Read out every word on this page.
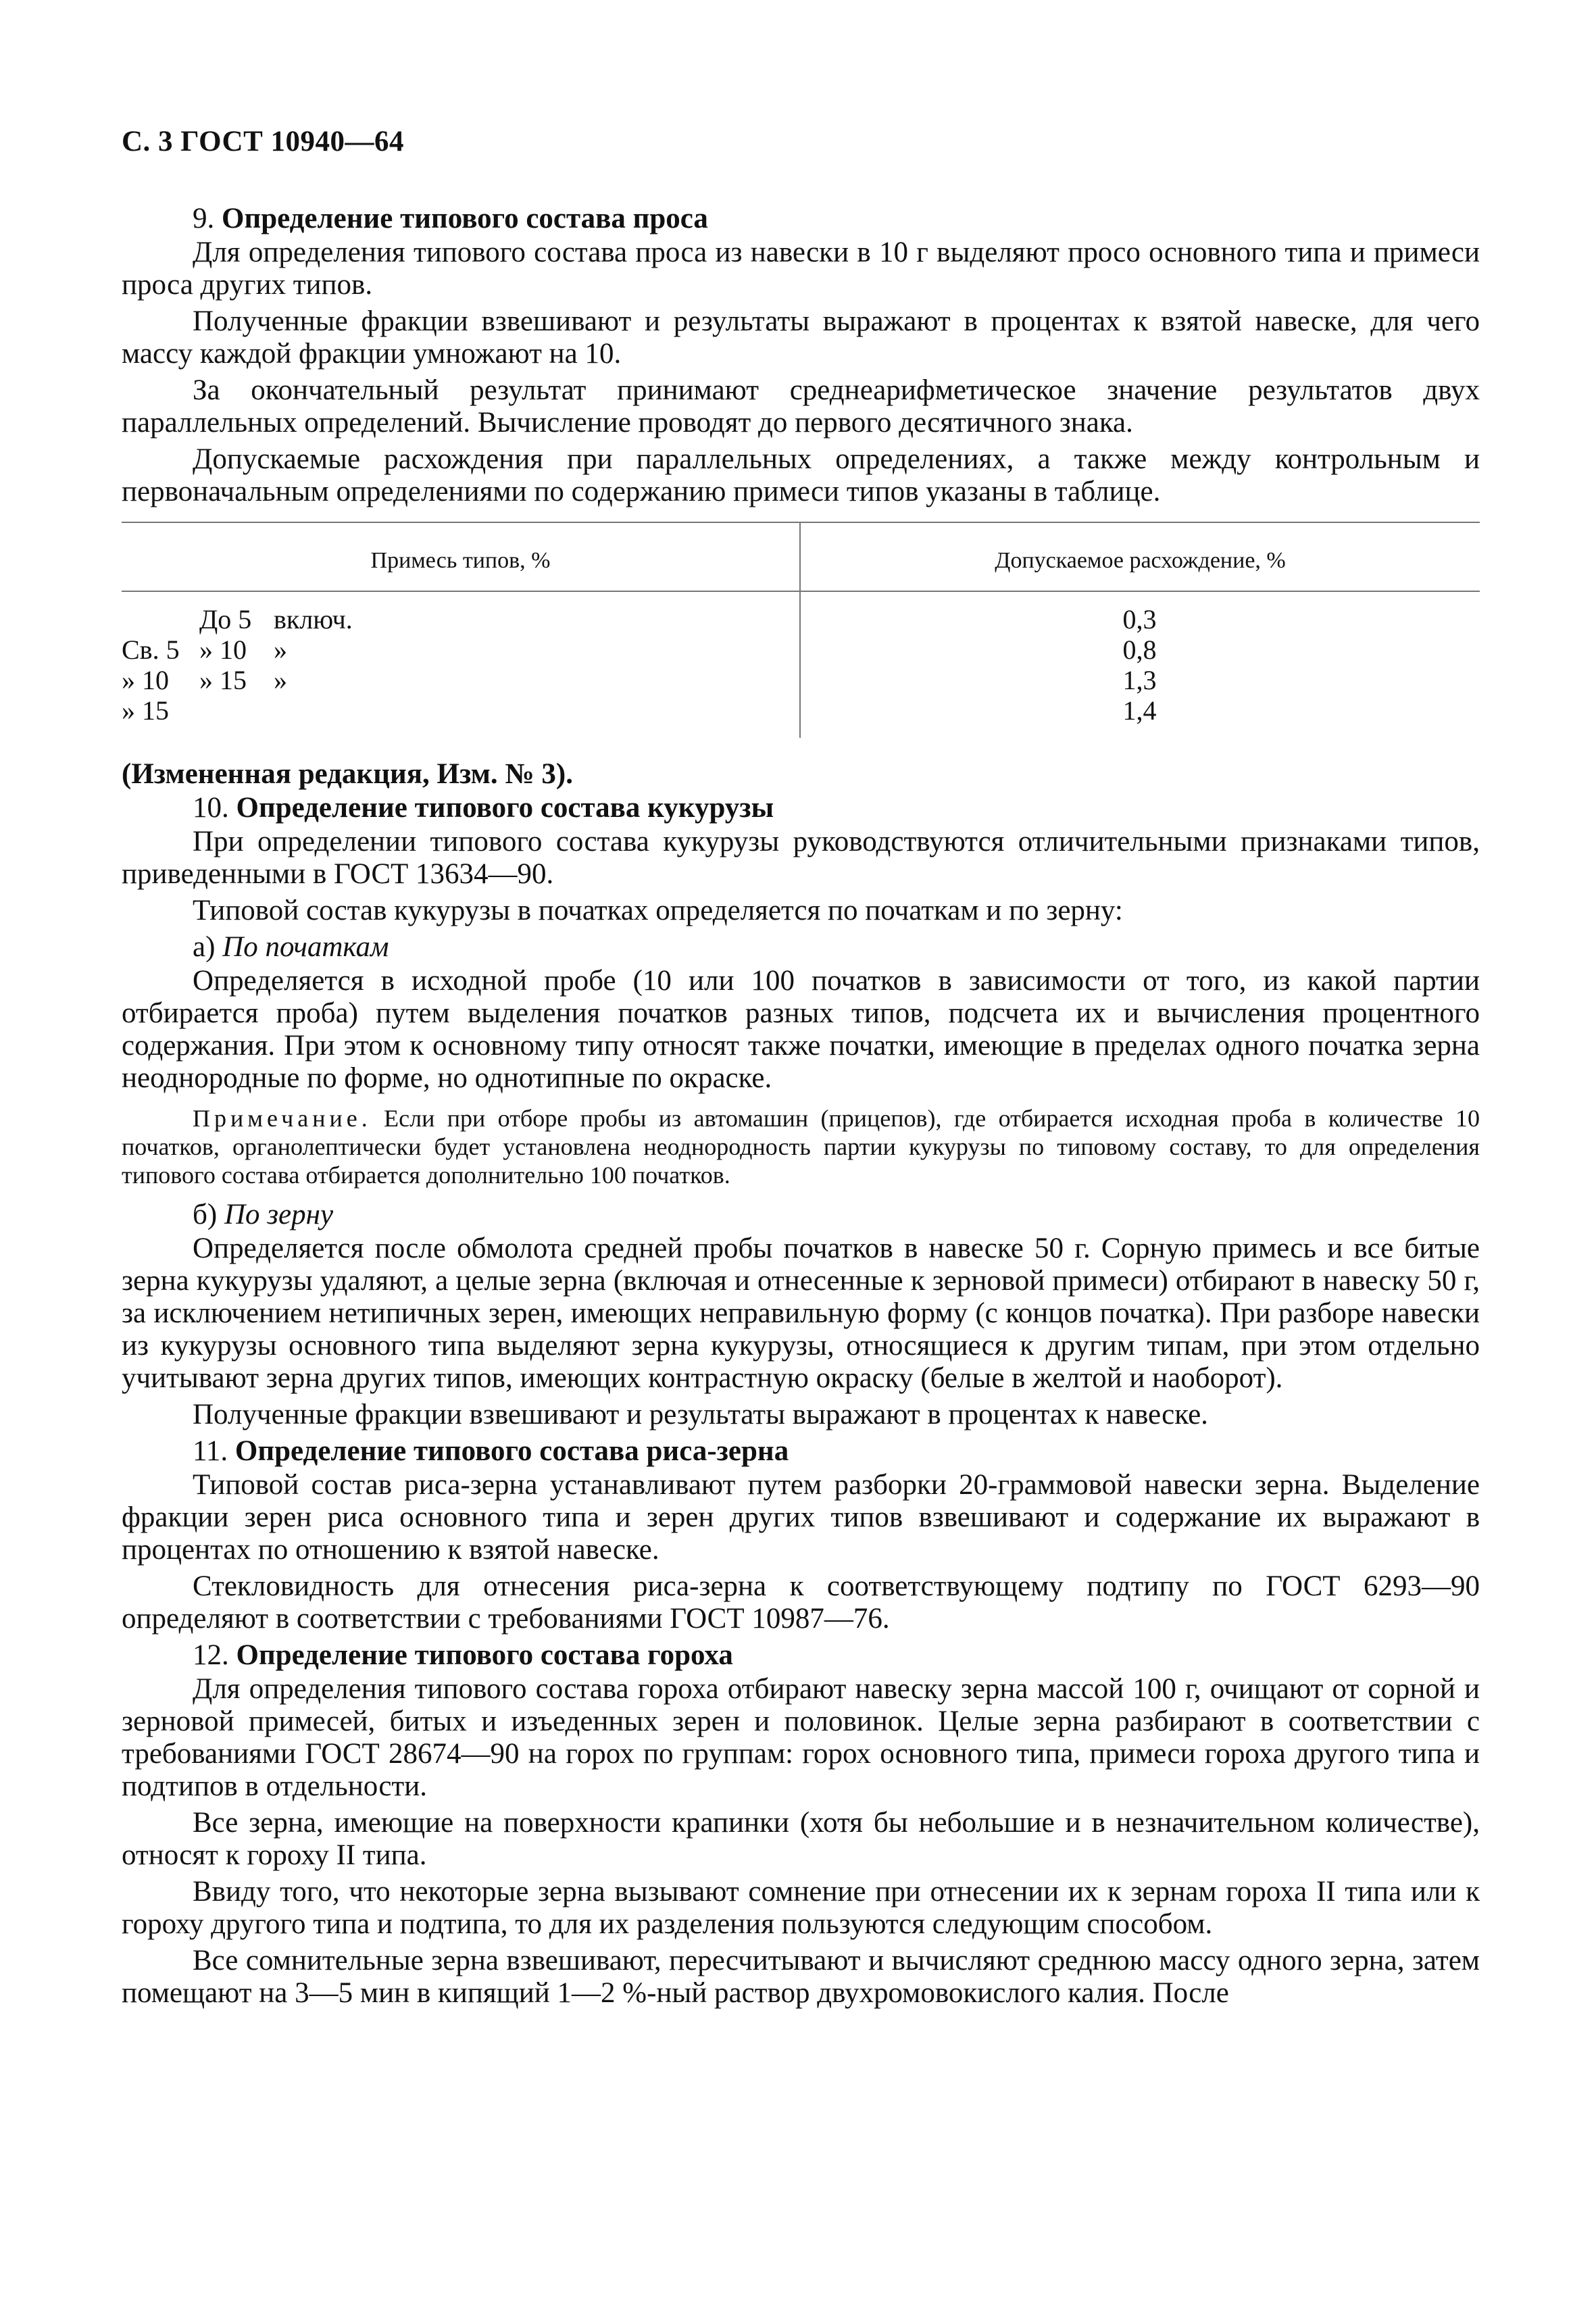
С. 3 ГОСТ 10940—64
9. Определение типового состава проса
Для определения типового состава проса из навески в 10 г выделяют просо основного типа и примеси проса других типов.
Полученные фракции взвешивают и результаты выражают в процентах к взятой навеске, для чего массу каждой фракции умножают на 10.
За окончательный результат принимают среднеарифметическое значение результатов двух параллельных определений. Вычисление проводят до первого десятичного знака.
Допускаемые расхождения при параллельных определениях, а также между контрольным и первоначальным определениями по содержанию примеси типов указаны в таблице.
Примесь типов, %	Допускаемое расхождение, %
До 5 включ.	0,3
Св. 5 » 10 »	0,8
» 10 » 15 »	1,3
» 15	1,4
(Измененная редакция, Изм. № 3).
10. Определение типового состава кукурузы
При определении типового состава кукурузы руководствуются отличительными признаками типов, приведенными в ГОСТ 13634—90.
Типовой состав кукурузы в початках определяется по початкам и по зерну:
а) По початкам
Определяется в исходной пробе (10 или 100 початков в зависимости от того, из какой партии отбирается проба) путем выделения початков разных типов, подсчета их и вычисления процентного содержания. При этом к основному типу относят также початки, имеющие в пределах одного початка зерна неоднородные по форме, но однотипные по окраске.
Примечание. Если при отборе пробы из автомашин (прицепов), где отбирается исходная проба в количестве 10 початков, органолептически будет установлена неоднородность партии кукурузы по типовому составу, то для определения типового состава отбирается дополнительно 100 початков.
б) По зерну
Определяется после обмолота средней пробы початков в навеске 50 г. Сорную примесь и все битые зерна кукурузы удаляют, а целые зерна (включая и отнесенные к зерновой примеси) отбирают в навеску 50 г, за исключением нетипичных зерен, имеющих неправильную форму (с концов початка). При разборе навески из кукурузы основного типа выделяют зерна кукурузы, относящиеся к другим типам, при этом отдельно учитывают зерна других типов, имеющих контрастную окраску (белые в желтой и наоборот).
Полученные фракции взвешивают и результаты выражают в процентах к навеске.
11. Определение типового состава риса-зерна
Типовой состав риса-зерна устанавливают путем разборки 20-граммовой навески зерна. Выделение фракции зерен риса основного типа и зерен других типов взвешивают и содержание их выражают в процентах по отношению к взятой навеске.
Стекловидность для отнесения риса-зерна к соответствующему подтипу по ГОСТ 6293—90 определяют в соответствии с требованиями ГОСТ 10987—76.
12. Определение типового состава гороха
Для определения типового состава гороха отбирают навеску зерна массой 100 г, очищают от сорной и зерновой примесей, битых и изъеденных зерен и половинок. Целые зерна разбирают в соответствии с требованиями ГОСТ 28674—90 на горох по группам: горох основного типа, примеси гороха другого типа и подтипов в отдельности.
Все зерна, имеющие на поверхности крапинки (хотя бы небольшие и в незначительном количестве), относят к гороху II типа.
Ввиду того, что некоторые зерна вызывают сомнение при отнесении их к зернам гороха II типа или к гороху другого типа и подтипа, то для их разделения пользуются следующим способом.
Все сомнительные зерна взвешивают, пересчитывают и вычисляют среднюю массу одного зерна, затем помещают на 3—5 мин в кипящий 1—2 %-ный раствор двухромовокислого калия. После
